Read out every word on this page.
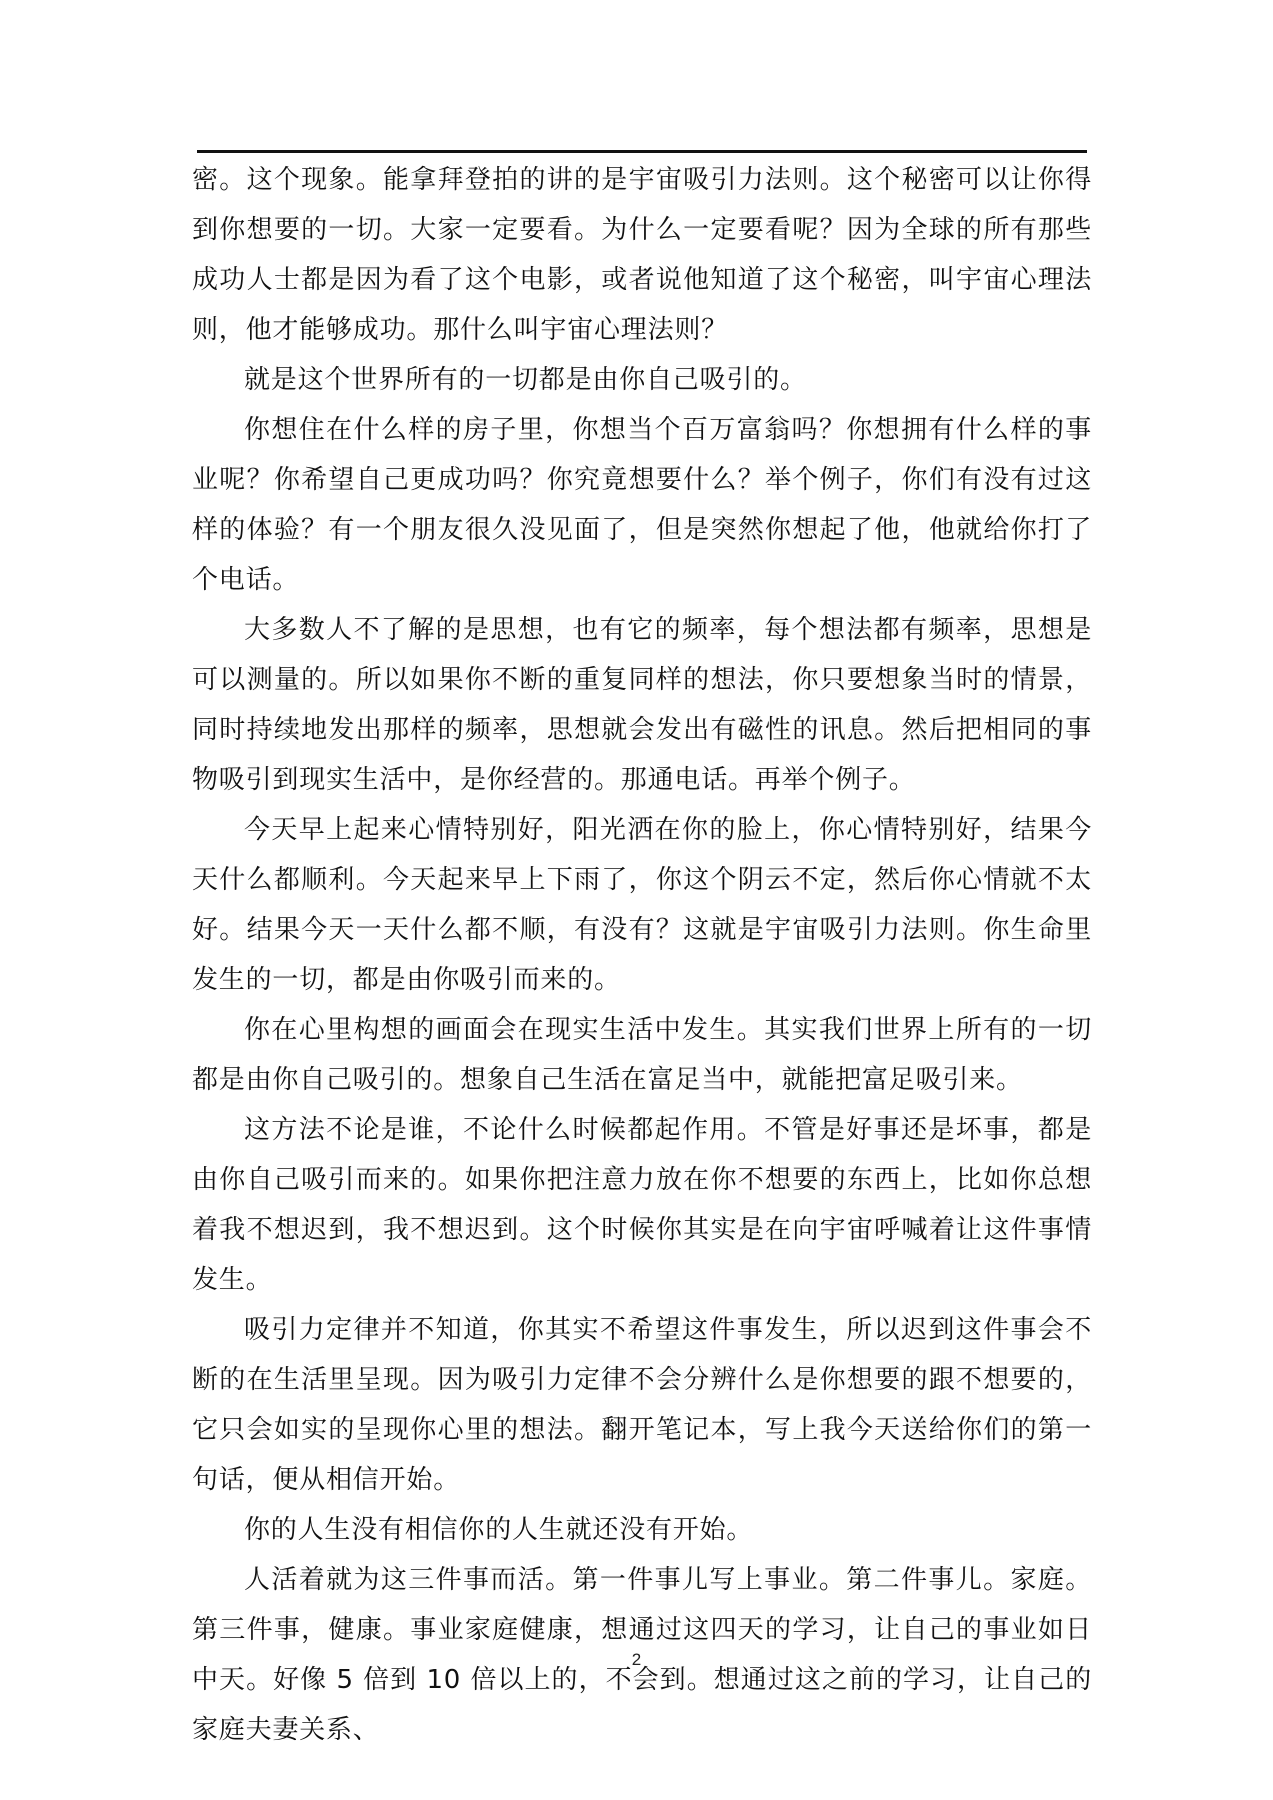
密。这个现象。能拿拜登拍的讲的是宇宙吸引力法则。这个秘密可以让你得到你想要的一切。大家一定要看。为什么一定要看呢？因为全球的所有那些成功人士都是因为看了这个电影，或者说他知道了这个秘密，叫宇宙心理法则，他才能够成功。那什么叫宇宙心理法则？

就是这个世界所有的一切都是由你自己吸引的。

你想住在什么样的房子里，你想当个百万富翁吗？你想拥有什么样的事业呢？你希望自己更成功吗？你究竟想要什么？举个例子，你们有没有过这样的体验？有一个朋友很久没见面了，但是突然你想起了他，他就给你打了个电话。

大多数人不了解的是思想，也有它的频率，每个想法都有频率，思想是可以测量的。所以如果你不断的重复同样的想法，你只要想象当时的情景，同时持续地发出那样的频率，思想就会发出有磁性的讯息。然后把相同的事物吸引到现实生活中，是你经营的。那通电话。再举个例子。

今天早上起来心情特别好，阳光洒在你的脸上，你心情特别好，结果今天什么都顺利。今天起来早上下雨了，你这个阴云不定，然后你心情就不太好。结果今天一天什么都不顺，有没有？这就是宇宙吸引力法则。你生命里发生的一切，都是由你吸引而来的。

你在心里构想的画面会在现实生活中发生。其实我们世界上所有的一切都是由你自己吸引的。想象自己生活在富足当中，就能把富足吸引来。

这方法不论是谁，不论什么时候都起作用。不管是好事还是坏事，都是由你自己吸引而来的。如果你把注意力放在你不想要的东西上，比如你总想着我不想迟到，我不想迟到。这个时候你其实是在向宇宙呼喊着让这件事情发生。

吸引力定律并不知道，你其实不希望这件事发生，所以迟到这件事会不断的在生活里呈现。因为吸引力定律不会分辨什么是你想要的跟不想要的，它只会如实的呈现你心里的想法。翻开笔记本，写上我今天送给你们的第一句话，便从相信开始。

你的人生没有相信你的人生就还没有开始。

人活着就为这三件事而活。第一件事儿写上事业。第二件事儿。家庭。第三件事，健康。事业家庭健康，想通过这四天的学习，让自己的事业如日中天。好像 5 倍到 10 倍以上的，不会到。想通过这之前的学习，让自己的家庭夫妻关系、

2
